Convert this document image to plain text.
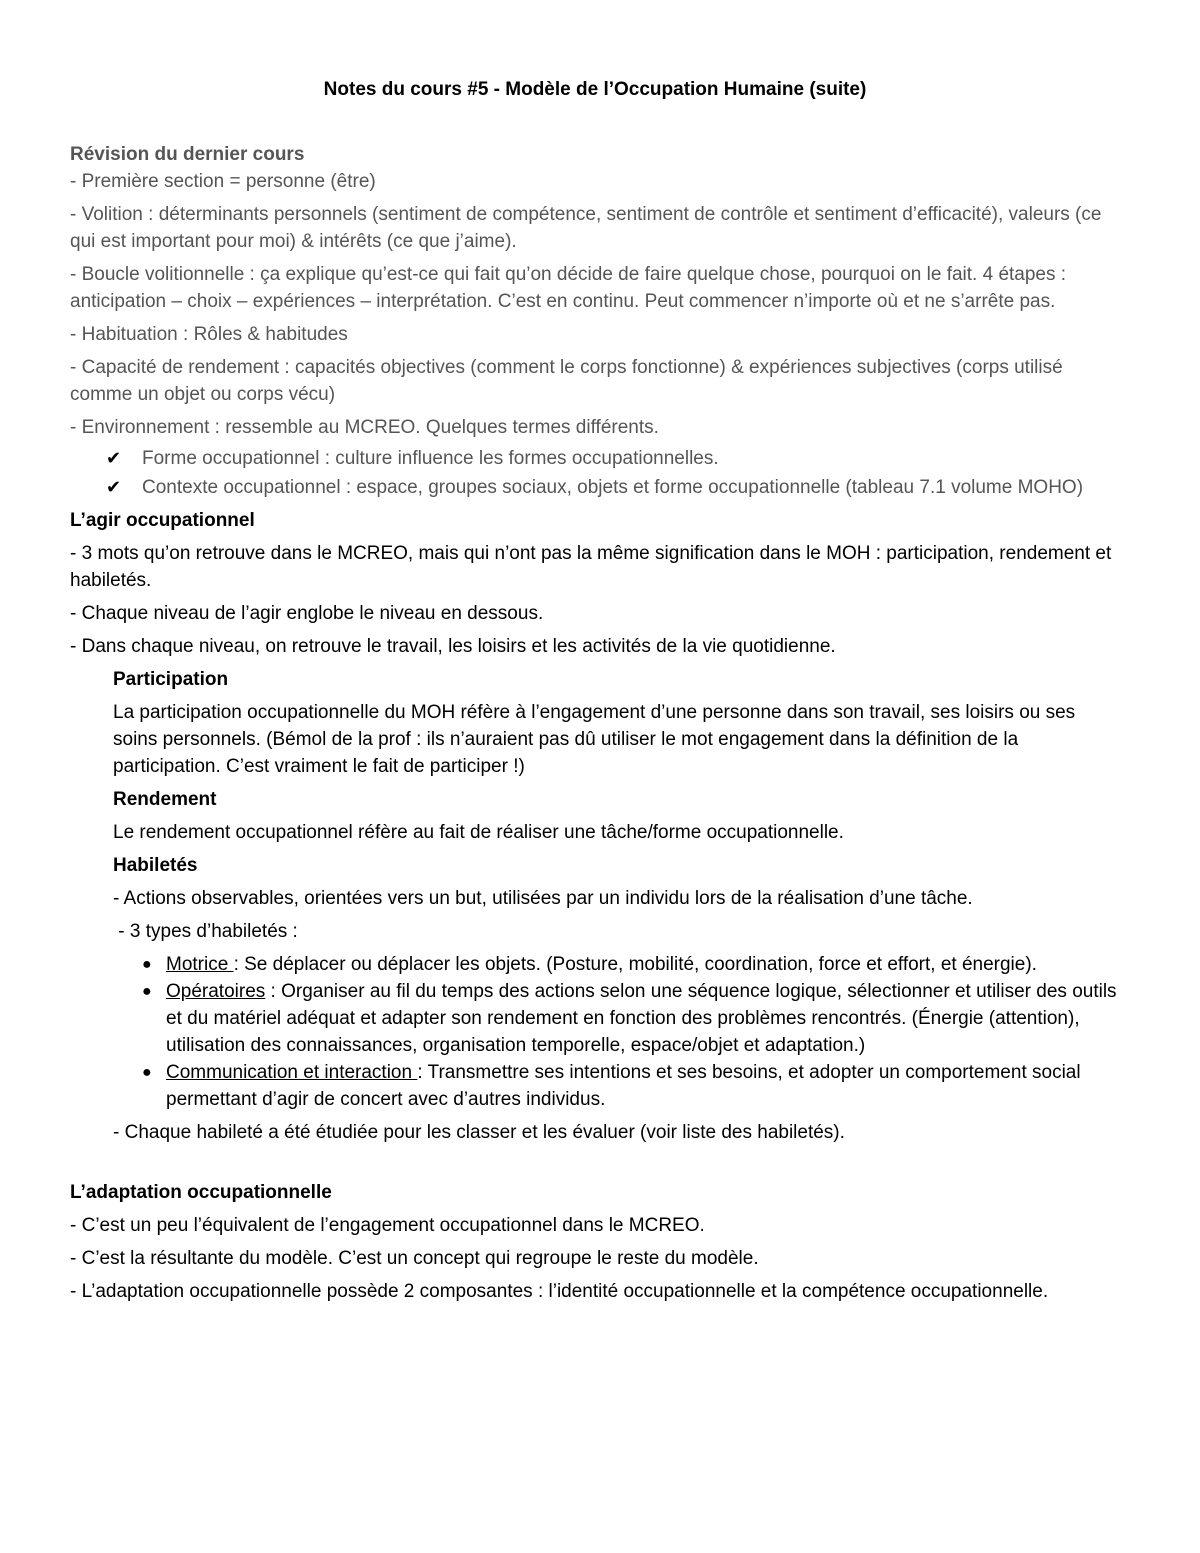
Notes du cours #5 - Modèle de l’Occupation Humaine (suite)
Révision du dernier cours

- Première section = personne (être)

- Volition : déterminants personnels (sentiment de compétence, sentiment de contrôle et sentiment d’efficacité), valeurs (ce qui est important pour moi) & intérêts (ce que j’aime).

- Boucle volitionnelle : ça explique qu’est-ce qui fait qu’on décide de faire quelque chose, pourquoi on le fait. 4 étapes : anticipation – choix – expériences – interprétation. C’est en continu. Peut commencer n’importe où et ne s’arrête pas.

- Habituation : Rôles & habitudes

- Capacité de rendement : capacités objectives (comment le corps fonctionne) & expériences subjectives (corps utilisé comme un objet ou corps vécu)

- Environnement : ressemble au MCREO. Quelques termes différents.

✔ Forme occupationnel : culture influence les formes occupationnelles.
✔ Contexte occupationnel : espace, groupes sociaux, objets et forme occupationnelle (tableau 7.1 volume MOHO)
L’agir occupationnel

- 3 mots qu’on retrouve dans le MCREO, mais qui n’ont pas la même signification dans le MOH : participation, rendement et habiletés.

- Chaque niveau de l’agir englobe le niveau en dessous.

- Dans chaque niveau, on retrouve le travail, les loisirs et les activités de la vie quotidienne.

Participation

La participation occupationnelle du MOH réfère à l’engagement d’une personne dans son travail, ses loisirs ou ses soins personnels. (Bémol de la prof : ils n’auraient pas dû utiliser le mot engagement dans la définition de la participation. C’est vraiment le fait de participer !)

Rendement

Le rendement occupationnel réfère au fait de réaliser une tâche/forme occupationnelle.

Habiletés

- Actions observables, orientées vers un but, utilisées par un individu lors de la réalisation d’une tâche.

- 3 types d’habiletés :

● Motrice : Se déplacer ou déplacer les objets. (Posture, mobilité, coordination, force et effort, et énergie).
● Opératoires : Organiser au fil du temps des actions selon une séquence logique, sélectionner et utiliser des outils et du matériel adéquat et adapter son rendement en fonction des problèmes rencontrés. (Énergie (attention), utilisation des connaissances, organisation temporelle, espace/objet et adaptation.)
● Communication et interaction : Transmettre ses intentions et ses besoins, et adopter un comportement social permettant d’agir de concert avec d’autres individus.

- Chaque habileté a été étudiée pour les classer et les évaluer (voir liste des habiletés).

L’adaptation occupationnelle

- C’est un peu l’équivalent de l’engagement occupationnel dans le MCREO.

- C’est la résultante du modèle. C’est un concept qui regroupe le reste du modèle.

- L’adaptation occupationnelle possède 2 composantes : l’identité occupationnelle et la compétence occupationnelle.
